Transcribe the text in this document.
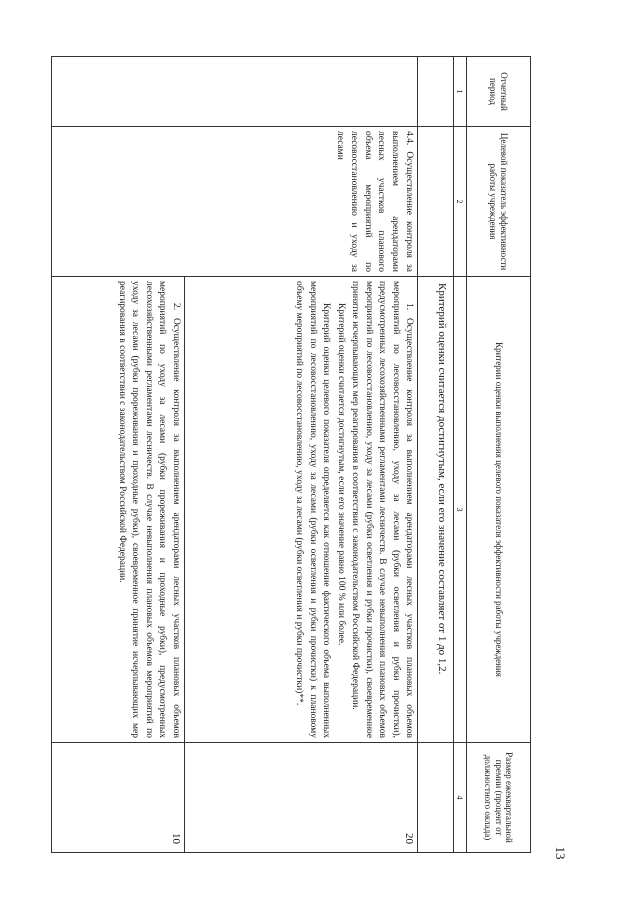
13
Отчетный период	Целевой показатель эффективности работы учреждения	Критерии оценки выполнения целевого показателя эффективности работы учреждения	Размер ежеквартальной премии (процент от должностного оклада)
1	2	3	4
		Критерий оценки считается достигнутым, если его значение составляет от 1 до 1,2.	
	4.4. Осуществление контроля за выполнением арендаторами лесных участков планового объема мероприятий по лесовосстановлению и уходу за лесами	1. Осуществление контроля за выполнением арендаторами лесных участков плановых объемов мероприятий по лесовосстановлению, уходу за лесами (рубки осветления и рубки прочистки), предусмотренных лесохозяйственными регламентами лесничеств. В случае невыполнения плановых объемов мероприятий по лесовосстановлению, уходу за лесами (рубки осветления и рубки прочистки), своевременное принятие исчерпывающих мер реагирования в соответствии с законодательством Российской Федерации.

Критерий оценки считается достигнутым, если его значение равно 100 % или более.

Критерий оценки целевого показателя определяется как отношение фактического объема выполненных мероприятий по лесовосстановлению, уходу за лесами (рубки осветления и рубки прочистки) к плановому объему мероприятий по лесовосстановлению, уходу за лесами (рубки осветления и рубки прочистки)**.	20

		2. Осуществление контроля за выполнением арендаторами лесных участков плановых объемов мероприятий по уходу за лесами (рубки прореживания и проходные рубки), предусмотренных лесохозяйственными регламентами лесничеств. В случае невыполнения плановых объемов мероприятий по уходу за лесами (рубки прореживания и проходные рубки), своевременное принятие исчерпывающих мер реагирования в соответствии с законодательством Российской Федерации.	10
